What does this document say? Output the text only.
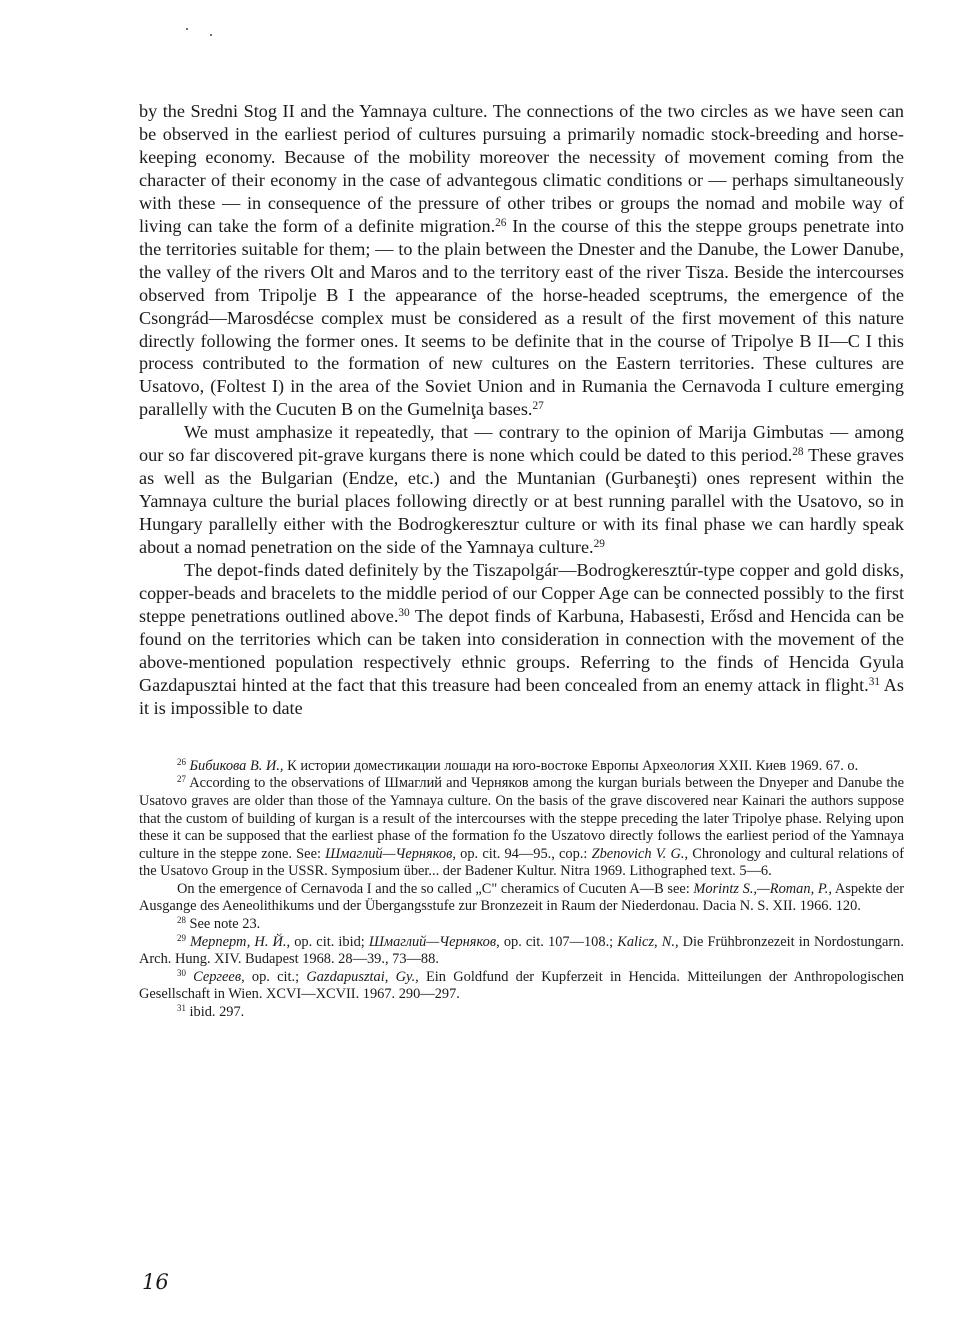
by the Sredni Stog II and the Yamnaya culture. The connections of the two circles as we have seen can be observed in the earliest period of cultures pursuing a primarily nomadic stock-breeding and horse-keeping economy. Because of the mobility moreover the necessity of movement coming from the character of their economy in the case of advantegous climatic conditions or — perhaps simultaneously with these — in consequence of the pressure of other tribes or groups the nomad and mobile way of living can take the form of a definite migration.$^{26}$ In the course of this the steppe groups penetrate into the territories suitable for them; — to the plain between the Dnester and the Danube, the Lower Danube, the valley of the rivers Olt and Maros and to the territory east of the river Tisza. Beside the intercourses observed from Tripolje B I the appearance of the horse-headed sceptrums, the emergence of the Csongrád—Marosdécse complex must be considered as a result of the first movement of this nature directly following the former ones. It seems to be definite that in the course of Tripolye B II—C I this process contributed to the formation of new cultures on the Eastern territories. These cultures are Usatovo, (Foltest I) in the area of the Soviet Union and in Rumania the Cernavoda I culture emerging parallelly with the Cucuten B on the Gumelniţa bases.$^{27}$

We must amphasize it repeatedly, that — contrary to the opinion of Marija Gimbutas — among our so far discovered pit-grave kurgans there is none which could be dated to this period.$^{28}$ These graves as well as the Bulgarian (Endze, etc.) and the Muntanian (Gurbaneşti) ones represent within the Yamnaya culture the burial places following directly or at best running parallel with the Usatovo, so in Hungary parallelly either with the Bodrogkeresztur culture or with its final phase we can hardly speak about a nomad penetration on the side of the Yamnaya culture.$^{29}$

The depot-finds dated definitely by the Tiszapolgár—Bodrogkeresztúr-type copper and gold disks, copper-beads and bracelets to the middle period of our Copper Age can be connected possibly to the first steppe penetrations outlined above.$^{30}$ The depot finds of Karbuna, Habasesti, Erősd and Hencida can be found on the territories which can be taken into consideration in connection with the movement of the above-mentioned population respectively ethnic groups. Referring to the finds of Hencida Gyula Gazdapusztai hinted at the fact that this treasure had been concealed from an enemy attack in flight.$^{31}$ As it is impossible to date

$^{26}$ Бибикова В. И., К истории доместикации лошади на юго-востоке Европы Археология XXII. Киев 1969. 67. o.

$^{27}$ According to the observations of Шмаглий and Черняков among the kurgan burials between the Dnyeper and Danube the Usatovo graves are older than those of the Yamnaya culture. On the basis of the grave discovered near Kainari the authors suppose that the custom of building of kurgan is a result of the intercourses with the steppe preceding the later Tripolye phase. Relying upon these it can be supposed that the earliest phase of the formation fo the Uszatovo directly follows the earliest period of the Yamnaya culture in the steppe zone. See: Шмаглий—Черняков, op. cit. 94—95., cop.: Zbenovich V. G., Chronology and cultural relations of the Usatovo Group in the USSR. Symposium über... der Badener Kultur. Nitra 1969. Lithographed text. 5—6.

On the emergence of Cernavoda I and the so called „C" cheramics of Cucuten A—B see: Morintz S.,—Roman, P., Aspekte der Ausgange des Aeneolithikums und der Übergangsstufe zur Bronzezeit in Raum der Niederdonau. Dacia N. S. XII. 1966. 120.

$^{28}$ See note 23.

$^{29}$ Мерперт, Н. Й., op. cit. ibid; Шмаглий—Черняков, op. cit. 107—108.; Kalicz, N., Die Frühbronzezeit in Nordostungarn. Arch. Hung. XIV. Budapest 1968. 28—39., 73—88.

$^{30}$ Сергеев, op. cit.; Gazdapusztai, Gy., Ein Goldfund der Kupferzeit in Hencida. Mitteilungen der Anthropologischen Gesellschaft in Wien. XCVI—XCVII. 1967. 290—297.

$^{31}$ ibid. 297.

16
